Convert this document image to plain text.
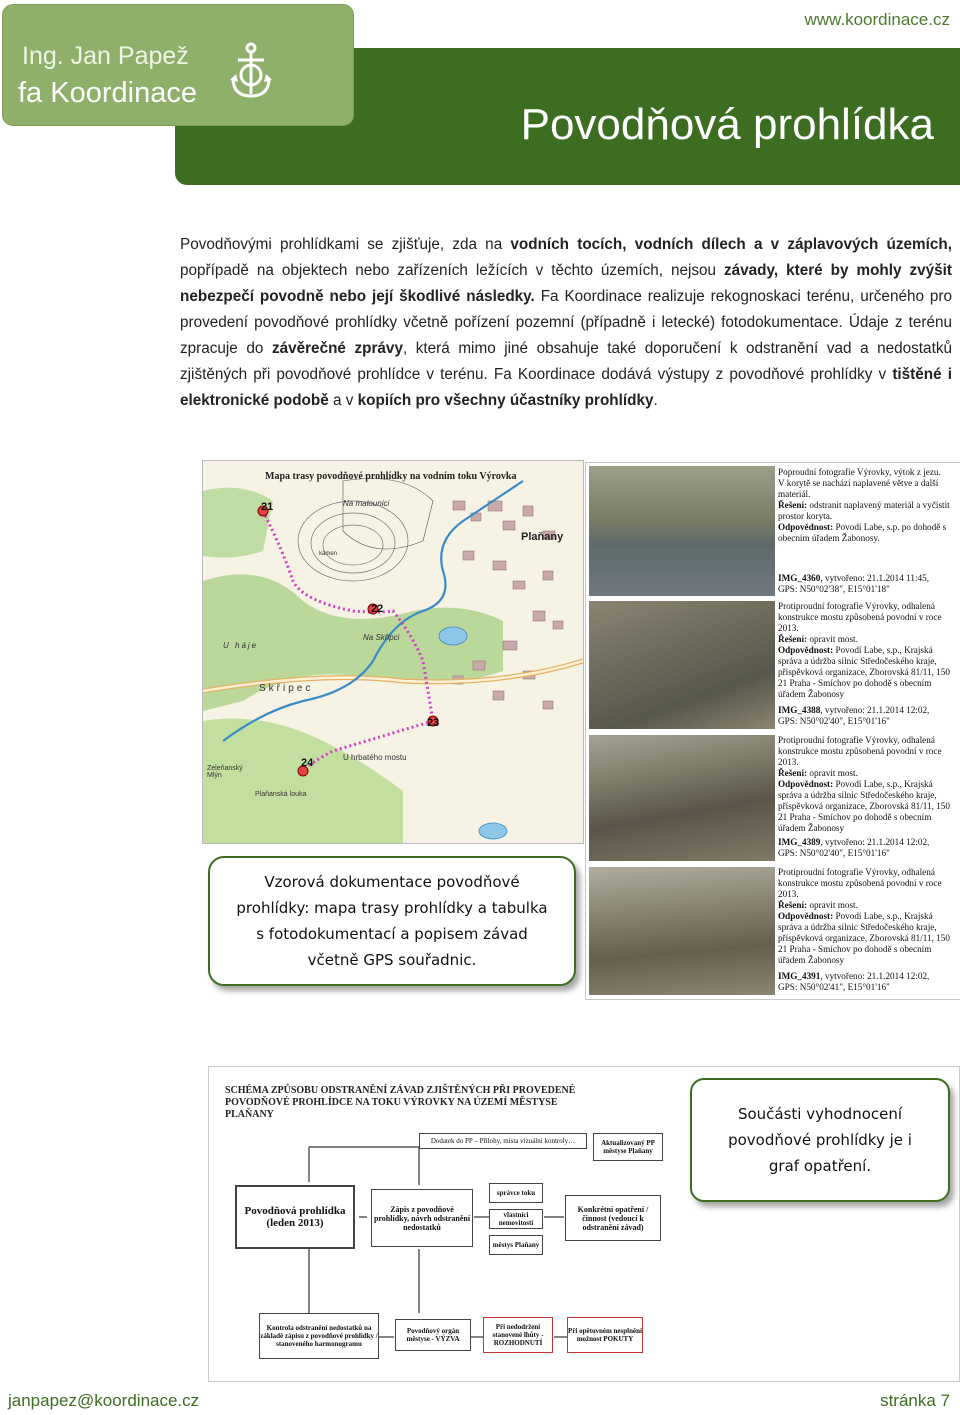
www.koordinace.cz
Povodňová prohlídka
Ing. Jan Papež
fa Koordinace
Povodňovými prohlídkami se zjišťuje, zda na vodních tocích, vodních dílech a v záplavových územích, popřípadě na objektech nebo zařízeních ležících v těchto územích, nejsou závady, které by mohly zvýšit nebezpečí povodně nebo její škodlivé následky. Fa Koordinace realizuje rekognoskaci terénu, určeného pro provedení povodňové prohlídky včetně pořízení pozemní (případně i letecké) fotodokumentace. Údaje z terénu zpracuje do závěrečné zprávy, která mimo jiné obsahuje také doporučení k odstranění vad a nedostatků zjištěných při povodňové prohlídce v terénu. Fa Koordinace dodává výstupy z povodňové prohlídky v tištěné i elektronické podobě a v kopiích pro všechny účastníky prohlídky.
Mapa trasy povodňové prohlídky na vodním toku Výrovka
21
22
23
24
Na malounici
Plaňany
Na Skřipci
Skřipec
U hrbatého mostu
Zeleňanský Mlýn
Plaňanská louka
kámen
U háje
Poproudní fotografie Výrovky, výtok z jezu.
V korytě se nachází naplavené větve a další materiál.
Řešení: odstranit naplavený materiál a vyčistit prostor koryta.
Odpovědnost: Povodí Labe, s.p. po dohodě s obecním úřadem Žabonosy.
IMG_4360, vytvořeno: 21.1.2014 11:45,
GPS: N50°02'38", E15°01'18"
Protiproudní fotografie Výrovky, odhalená konstrukce mostu způsobená povodní v roce 2013.
Řešení: opravit most.
Odpovědnost: Povodí Labe, s.p., Krajská správa a údržba silnic Středočeského kraje, příspěvková organizace, Zborovská 81/11, 150 21 Praha - Smíchov po dohodě s obecním úřadem Žabonosy
IMG_4388, vytvořeno: 21.1.2014 12:02,
GPS: N50°02'40", E15°01'16"
Protiproudní fotografie Výrovky, odhalená konstrukce mostu způsobená povodní v roce 2013.
Řešení: opravit most.
Odpovědnost: Povodí Labe, s.p., Krajská správa a údržba silnic Středočeského kraje, příspěvková organizace, Zborovská 81/11, 150 21 Praha - Smíchov po dohodě s obecním úřadem Žabonosy
IMG_4389, vytvořeno: 21.1.2014 12:02,
GPS: N50°02'40", E15°01'16"
Protiproudní fotografie Výrovky, odhalená konstrukce mostu způsobená povodní v roce 2013.
Řešení: opravit most.
Odpovědnost: Povodí Labe, s.p., Krajská správa a údržba silnic Středočeského kraje, příspěvková organizace, Zborovská 81/11, 150 21 Praha - Smíchov po dohodě s obecním úřadem Žabonosy
IMG_4391, vytvořeno: 21.1.2014 12:02,
GPS: N50°02'41", E15°01'16"
Vzorová dokumentace povodňové prohlídky: mapa trasy prohlídky a tabulka s fotodokumentací a popisem závad včetně GPS souřadnic.
SCHÉMA ZPŮSOBU ODSTRANĚNÍ ZÁVAD ZJIŠTĚNÝCH PŘI PROVEDENÉ POVODŇOVÉ PROHLÍDCE NA TOKU VÝROVKY NA ÚZEMÍ MĚSTYSE PLAŇANY
Dodatek do PP – Přílohy, místa vizuální kontroly…	Aktualizovaný PP městyse Plaňany
Povodňová prohlídka (leden 2013)
Zápis z povodňové prohlídky, návrh odstranění nedostatků
správce toku
vlastníci nemovitostí
městys Plaňany
Konkrétní opatření / činnost (vedoucí k odstranění závad)
Kontrola odstranění nedostatků na základě zápisu z povodňové prohlídky / stanoveného harmonogramu
Povodňový orgán městyse - VÝZVA
Při nedodržení stanovené lhůty - ROZHODNUTÍ
Při opětovném nesplnění možnost POKUTY
Součásti vyhodnocení povodňové prohlídky je i graf opatření.
janpapez@koordinace.cz	stránka 7
